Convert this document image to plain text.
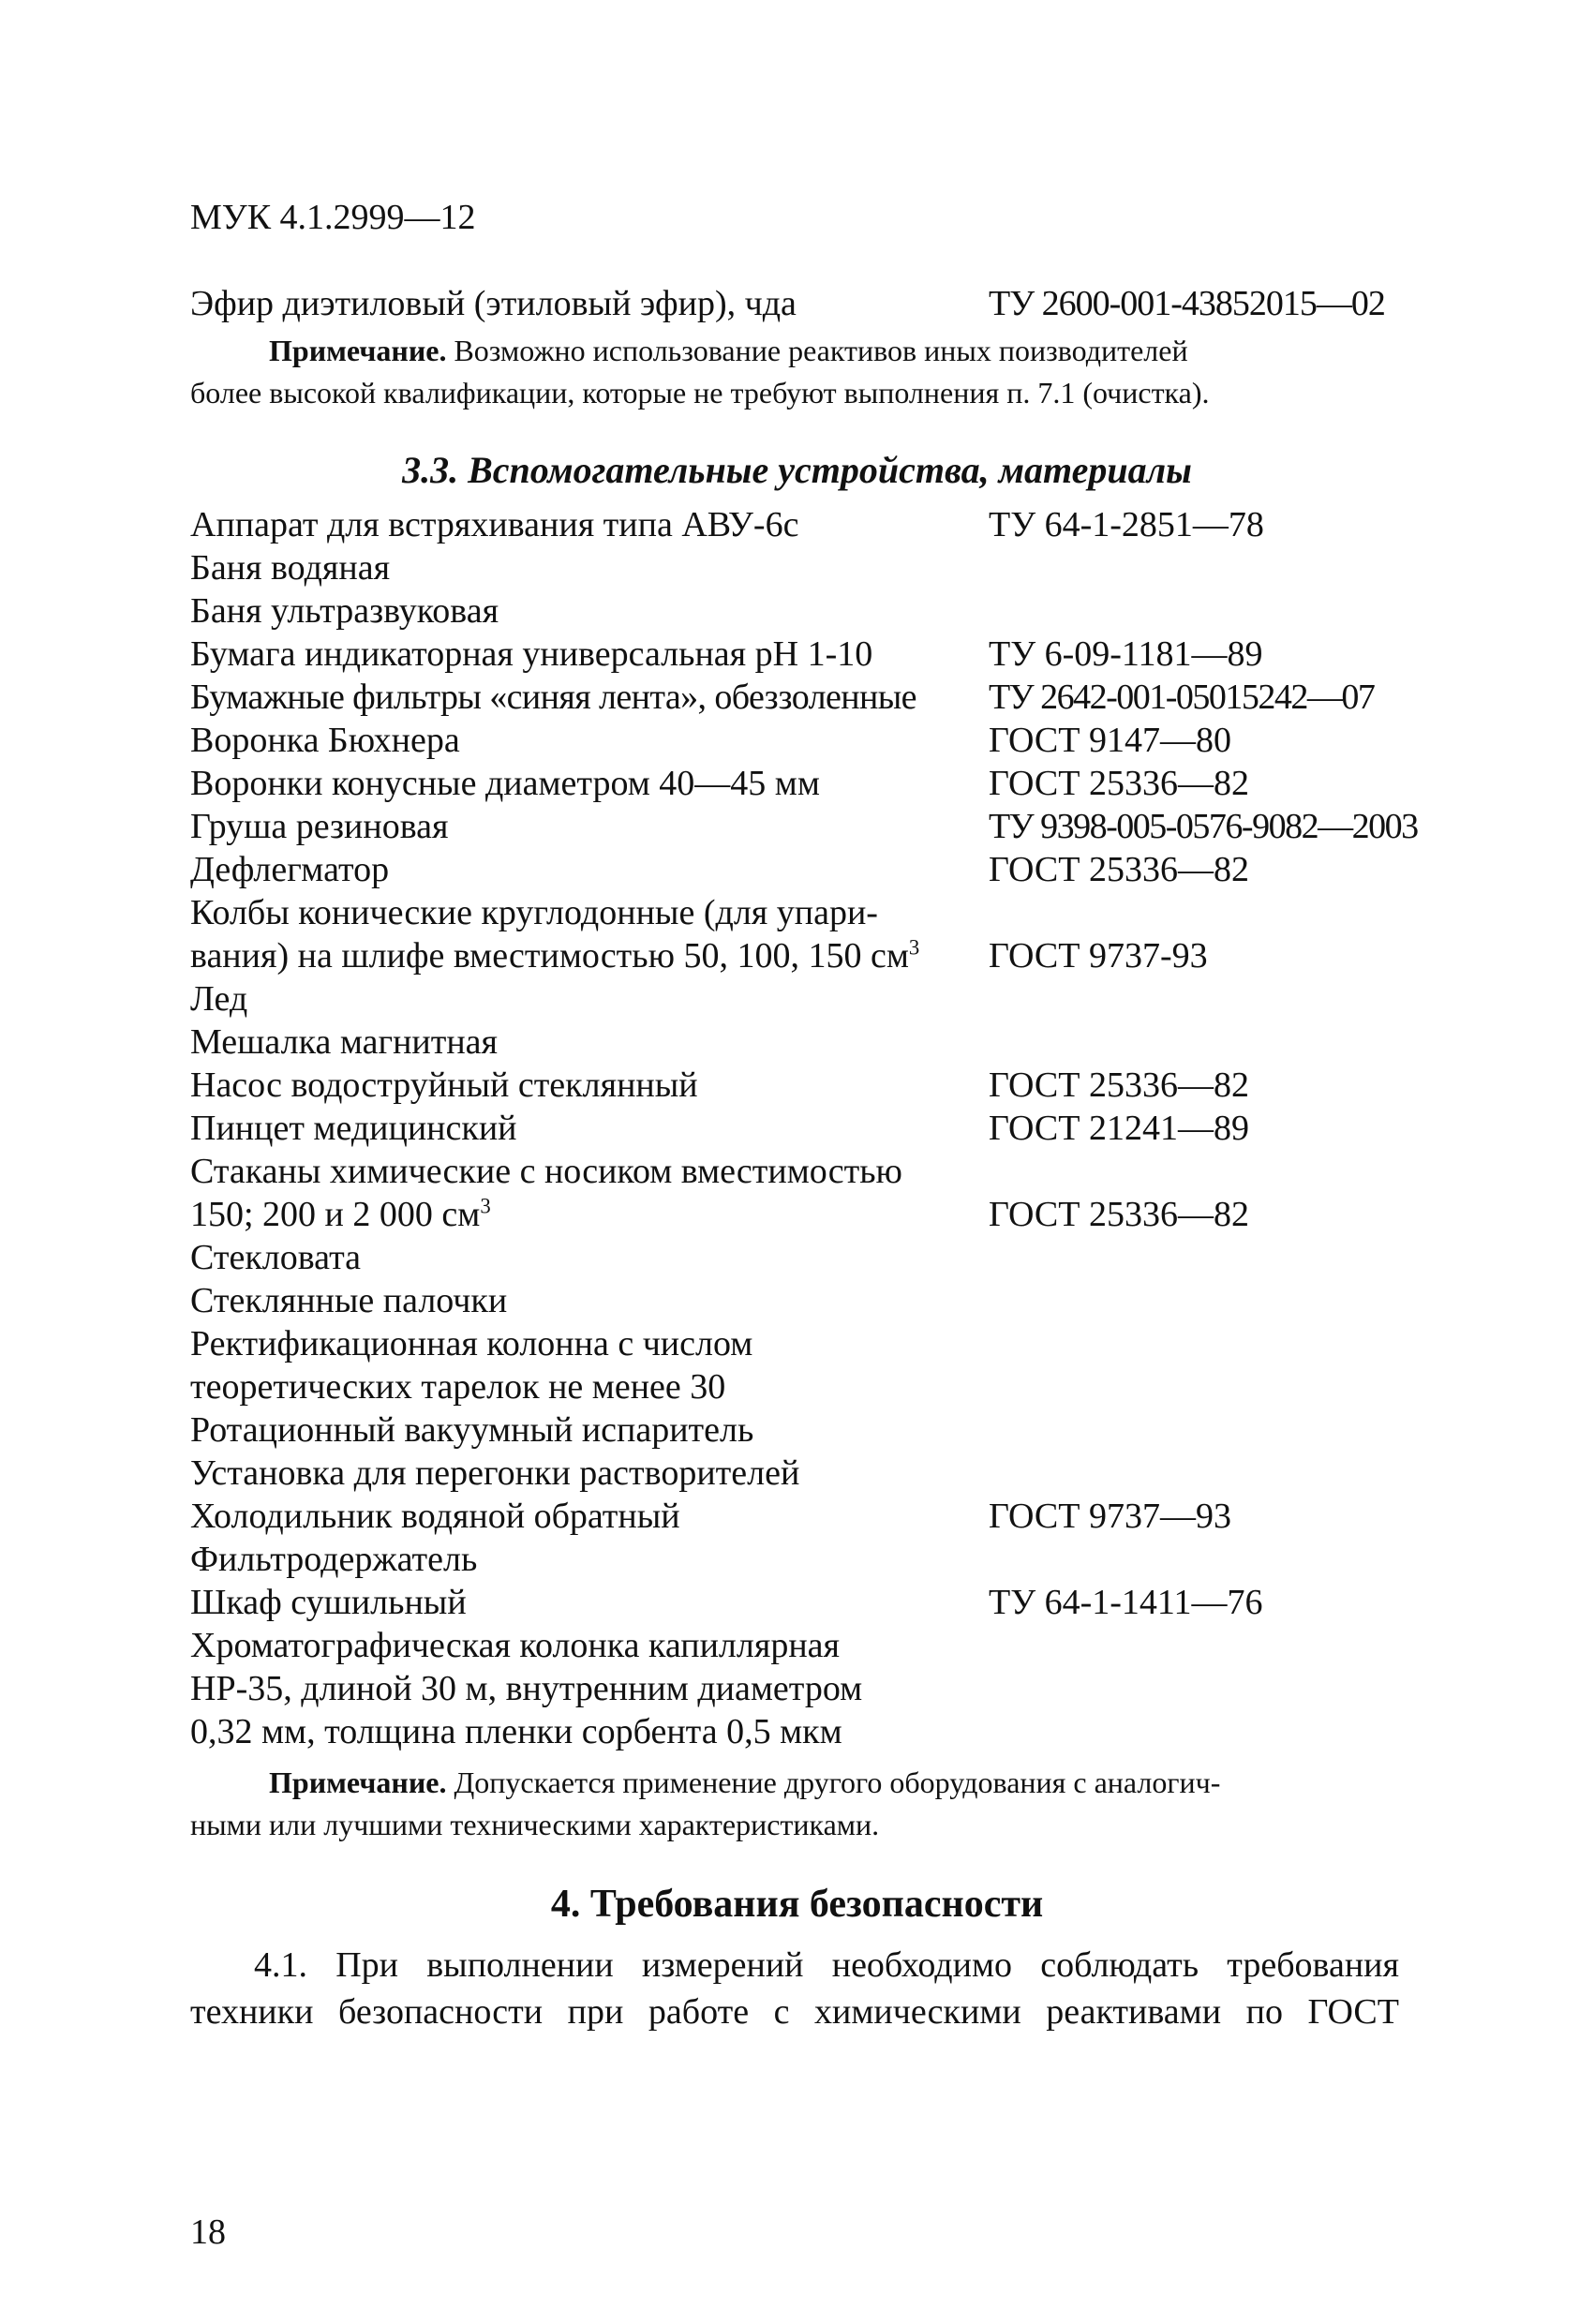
МУК 4.1.2999—12
Эфир диэтиловый (этиловый эфир), чда	ТУ 2600-001-43852015—02
Примечание. Возможно использование реактивов иных поизводителей
более высокой квалификации, которые не требуют выполнения п. 7.1 (очистка).
3.3. Вспомогательные устройства, материалы
Аппарат для встряхивания типа АВУ-6с	ТУ 64-1-2851—78
Баня водяная
Баня ультразвуковая
Бумага индикаторная универсальная рН 1-10	ТУ 6-09-1181—89
Бумажные фильтры «синяя лента», обеззоленные ТУ 2642-001-05015242—07
Воронка Бюхнера	ГОСТ 9147—80
Воронки конусные диаметром 40—45 мм	ГОСТ 25336—82
Груша резиновая	ТУ 9398-005-0576-9082—2003
Дефлегматор	ГОСТ 25336—82
Колбы конические круглодонные (для упари-
вания) на шлифе вместимостью 50, 100, 150 $см^3$ ГОСТ 9737-93
Лед
Мешалка магнитная
Насос водоструйный стеклянный	ГОСТ 25336—82
Пинцет медицинский	ГОСТ 21241—89
Стаканы химические с носиком вместимостью
150; 200 и 2 000 $см^3$	ГОСТ 25336—82
Стекловата
Стеклянные палочки
Ректификационная колонна с числом
теоретических тарелок не менее 30
Ротационный вакуумный испаритель
Установка для перегонки растворителей
Холодильник водяной обратный	ГОСТ 9737—93
Фильтродержатель
Шкаф сушильный	ТУ 64-1-1411—76
Хроматографическая колонка капиллярная
НР-35, длиной 30 м, внутренним диаметром
0,32 мм, толщина пленки сорбента 0,5 мкм
Примечание. Допускается применение другого оборудования с аналогич-
ными или лучшими техническими характеристиками.
4. Требования безопасности
4.1. При выполнении измерений необходимо соблюдать требования
техники безопасности при работе с химическими реактивами по ГОСТ
18
